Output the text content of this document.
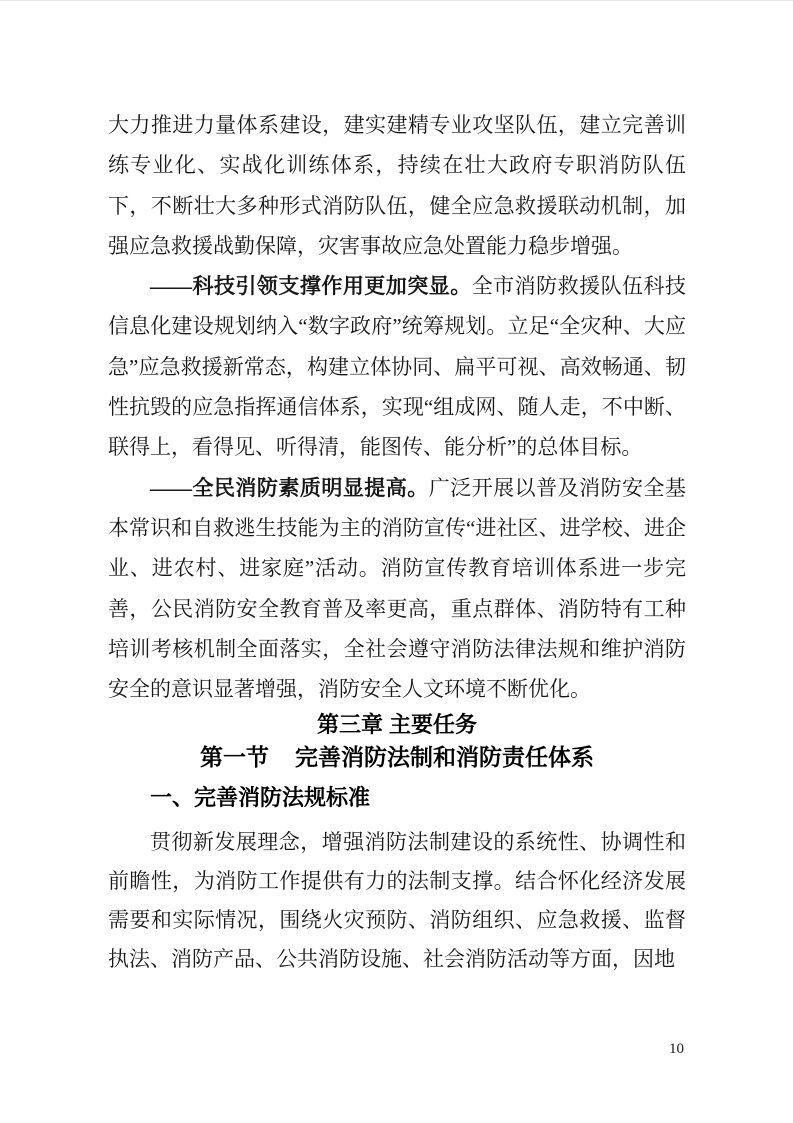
大力推进力量体系建设，建实建精专业攻坚队伍，建立完善训练专业化、实战化训练体系，持续在壮大政府专职消防队伍下，不断壮大多种形式消防队伍，健全应急救援联动机制，加强应急救援战勤保障，灾害事故应急处置能力稳步增强。

——科技引领支撑作用更加突显。全市消防救援队伍科技信息化建设规划纳入“数字政府”统筹规划。立足“全灾种、大应急”应急救援新常态，构建立体协同、扁平可视、高效畅通、韧性抗毁的应急指挥通信体系，实现“组成网、随人走，不中断、联得上，看得见、听得清，能图传、能分析”的总体目标。

——全民消防素质明显提高。广泛开展以普及消防安全基本常识和自救逃生技能为主的消防宣传“进社区、进学校、进企业、进农村、进家庭”活动。消防宣传教育培训体系进一步完善，公民消防安全教育普及率更高，重点群体、消防特有工种培训考核机制全面落实，全社会遵守消防法律法规和维护消防安全的意识显著增强，消防安全人文环境不断优化。

第三章 主要任务
第一节 完善消防法制和消防责任体系
一、完善消防法规标准

贯彻新发展理念，增强消防法制建设的系统性、协调性和前瞻性，为消防工作提供有力的法制支撑。结合怀化经济发展需要和实际情况，围绕火灾预防、消防组织、应急救援、监督执法、消防产品、公共消防设施、社会消防活动等方面，因地

10
